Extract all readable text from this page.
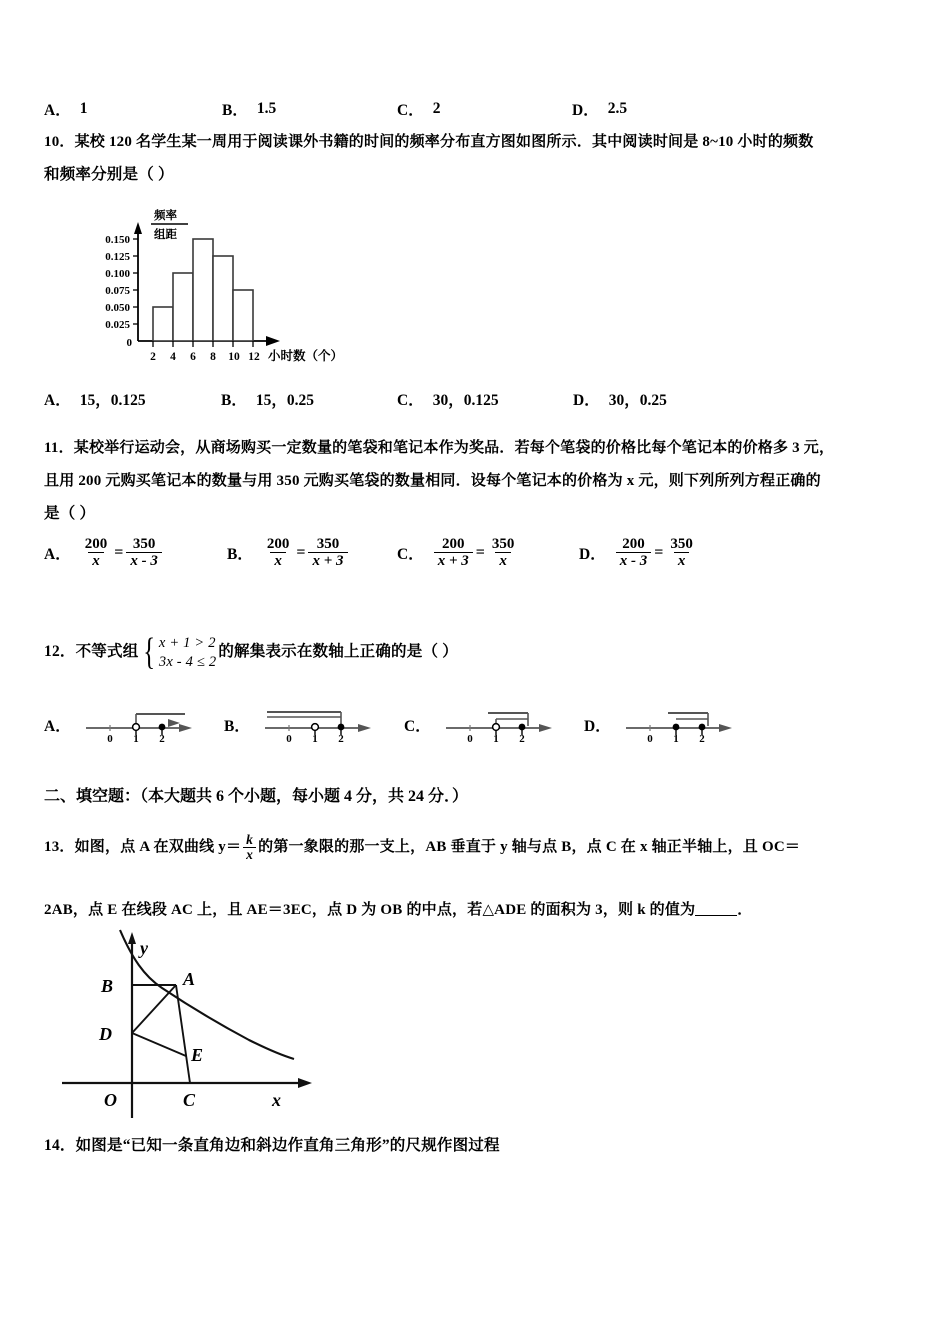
A． 1	B． 1.5	C． 2	D． 2.5
10．某校 120 名学生某一周用于阅读课外书籍的时间的频率分布直方图如图所示．其中阅读时间是 8~10 小时的频数
和频率分别是（ ）
频率
组距
0.150
0.125
0.100
0.075
0.050
0.025
0
2 4 6 8 10 12 小时数（个）
A． 15，0.125	B． 15，0.25	C． 30，0.125	D． 30，0.25
11．某校举行运动会，从商场购买一定数量的笔袋和笔记本作为奖品．若每个笔袋的价格比每个笔记本的价格多 3 元，
且用 200 元购买笔记本的数量与用 350 元购买笔袋的数量相同．设每个笔记本的价格为 x 元，则下列所列方程正确的
是（ ）
A． $\frac{200}{x} = \frac{350}{x - 3}$	B． $\frac{200}{x} = \frac{350}{x + 3}$	C． $\frac{200}{x + 3} = \frac{350}{x}$	D． $\frac{200}{x - 3} = \frac{350}{x}$
12． 不等式组 { x + 1 > 2
3x - 4 ≤ 2
的解集表示在数轴上正确的是（ ）
A．
0 1 2
B．
0 1 2
C．
0 1 2
D．
0 1 2
二、填空题：（本大题共 6 个小题，每小题 4 分，共 24 分．）
13． 如图，点 A 在双曲线 $y= \frac{k}{x}$ 的第一象限的那一支上，AB 垂直于 y 轴与点 B，点 C 在 x 轴正半轴上，且 OC＝
2AB，点 E 在线段 AC 上，且 AE＝3EC，点 D 为 OB 的中点，若△ADE 的面积为 3，则 k 的值为	．
B
D
A
E
C
O
y
x
14．如图是“已知一条直角边和斜边作直角三角形”的尺规作图过程
